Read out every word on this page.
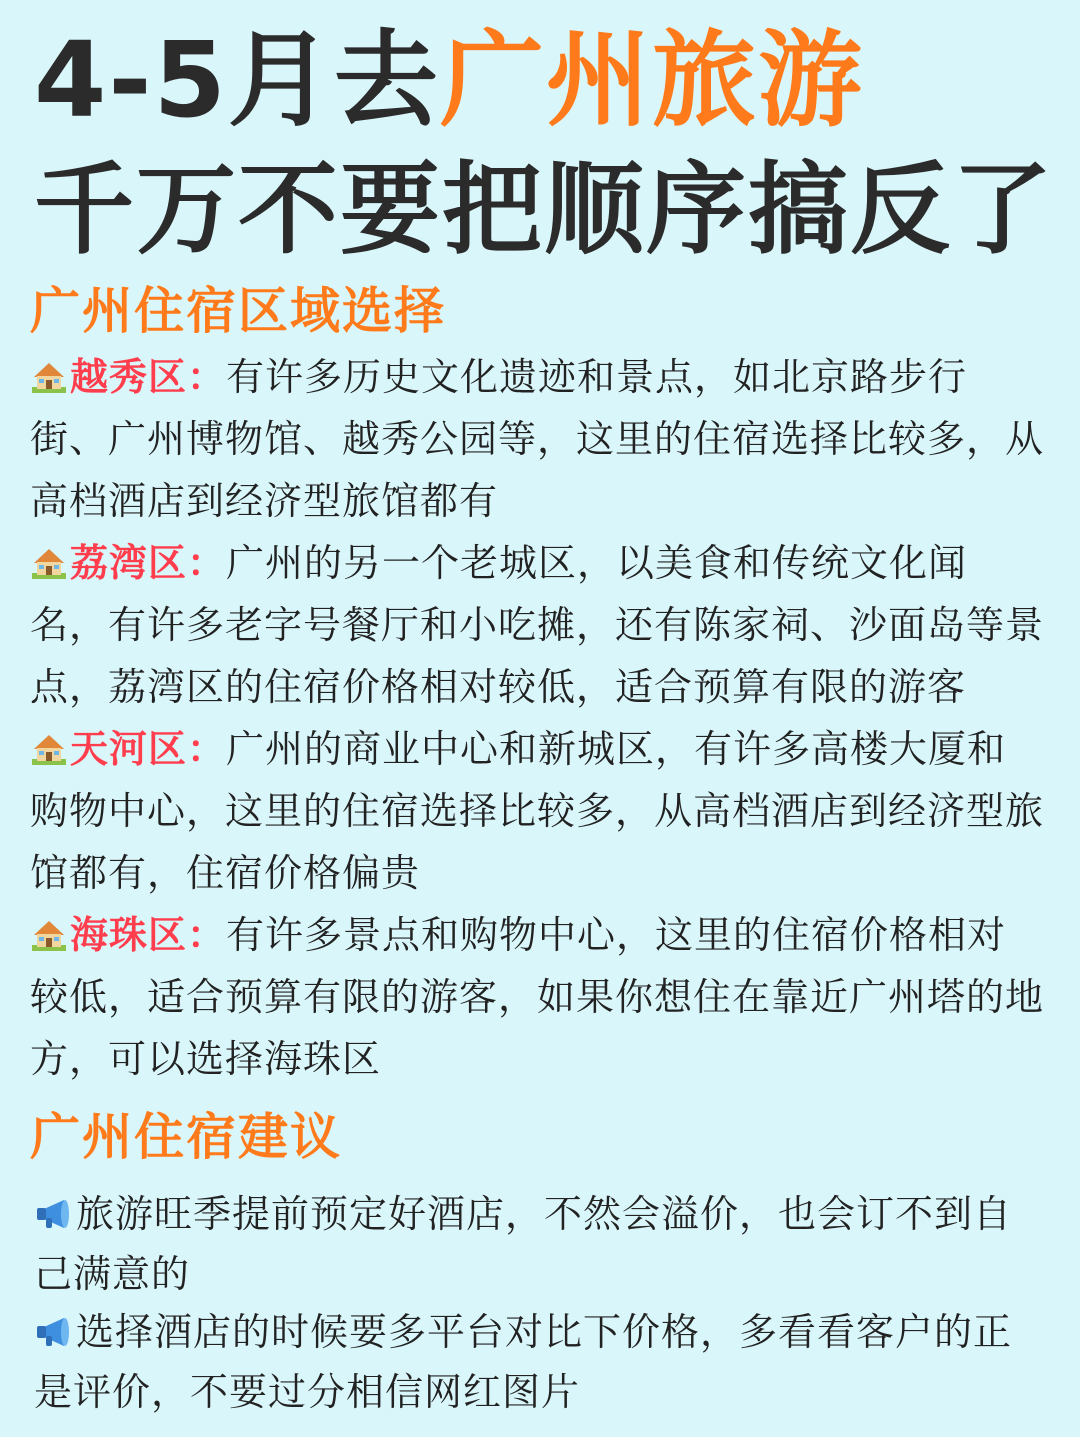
4-5月去广州旅游
千万不要把顺序搞反了
广州住宿区域选择
越秀区：有许多历史文化遗迹和景点，如北京路步行街、广州博物馆、越秀公园等，这里的住宿选择比较多，从高档酒店到经济型旅馆都有
荔湾区：广州的另一个老城区，以美食和传统文化闻名，有许多老字号餐厅和小吃摊，还有陈家祠、沙面岛等景点，荔湾区的住宿价格相对较低，适合预算有限的游客
天河区：广州的商业中心和新城区，有许多高楼大厦和购物中心，这里的住宿选择比较多，从高档酒店到经济型旅馆都有，住宿价格偏贵
海珠区：有许多景点和购物中心，这里的住宿价格相对较低，适合预算有限的游客，如果你想住在靠近广州塔的地方，可以选择海珠区
广州住宿建议
旅游旺季提前预定好酒店，不然会溢价，也会订不到自己满意的
选择酒店的时候要多平台对比下价格，多看看客户的正是评价，不要过分相信网红图片
